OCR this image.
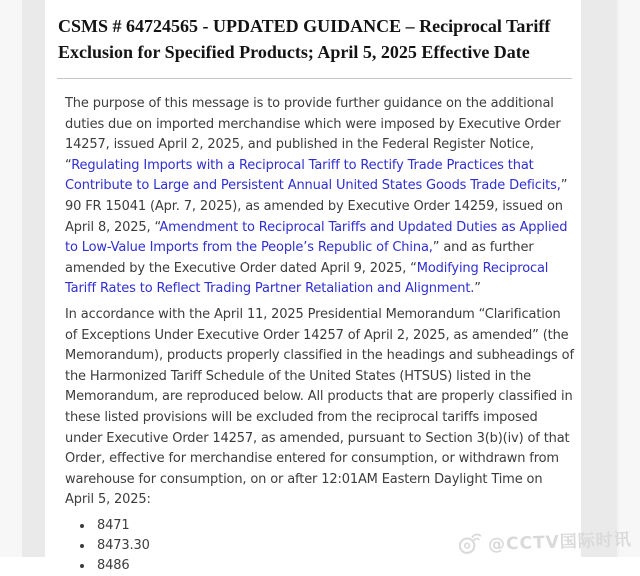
CSMS # 64724565 - UPDATED GUIDANCE – Reciprocal Tariff Exclusion for Specified Products; April 5, 2025 Effective Date

The purpose of this message is to provide further guidance on the additional duties due on imported merchandise which were imposed by Executive Order 14257, issued April 2, 2025, and published in the Federal Register Notice, “Regulating Imports with a Reciprocal Tariff to Rectify Trade Practices that Contribute to Large and Persistent Annual United States Goods Trade Deficits,” 90 FR 15041 (Apr. 7, 2025), as amended by Executive Order 14259, issued on April 8, 2025, “Amendment to Reciprocal Tariffs and Updated Duties as Applied to Low-Value Imports from the People’s Republic of China,” and as further amended by the Executive Order dated April 9, 2025, “Modifying Reciprocal Tariff Rates to Reflect Trading Partner Retaliation and Alignment.”

In accordance with the April 11, 2025 Presidential Memorandum “Clarification of Exceptions Under Executive Order 14257 of April 2, 2025, as amended” (the Memorandum), products properly classified in the headings and subheadings of the Harmonized Tariff Schedule of the United States (HTSUS) listed in the Memorandum, are reproduced below. All products that are properly classified in these listed provisions will be excluded from the reciprocal tariffs imposed under Executive Order 14257, as amended, pursuant to Section 3(b)(iv) of that Order, effective for merchandise entered for consumption, or withdrawn from warehouse for consumption, on or after 12:01AM Eastern Daylight Time on April 5, 2025:

• 8471
• 8473.30
• 8486
@CCTV国际时讯
